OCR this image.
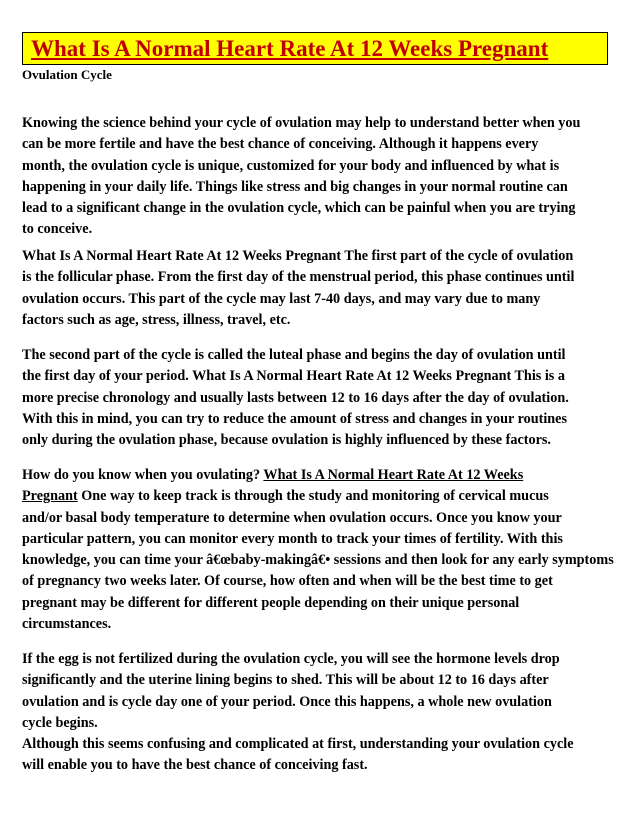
What Is A Normal Heart Rate At 12 Weeks Pregnant
Ovulation Cycle

Knowing the science behind your cycle of ovulation may help to understand better when you
can be more fertile and have the best chance of conceiving. Although it happens every
month, the ovulation cycle is unique, customized for your body and influenced by what is
happening in your daily life. Things like stress and big changes in your normal routine can
lead to a significant change in the ovulation cycle, which can be painful when you are trying
to conceive.

What Is A Normal Heart Rate At 12 Weeks Pregnant The first part of the cycle of ovulation
is the follicular phase. From the first day of the menstrual period, this phase continues until
ovulation occurs. This part of the cycle may last 7-40 days, and may vary due to many
factors such as age, stress, illness, travel, etc.

The second part of the cycle is called the luteal phase and begins the day of ovulation until
the first day of your period. What Is A Normal Heart Rate At 12 Weeks Pregnant This is a
more precise chronology and usually lasts between 12 to 16 days after the day of ovulation.
With this in mind, you can try to reduce the amount of stress and changes in your routines
only during the ovulation phase, because ovulation is highly influenced by these factors.

How do you know when you ovulating? What Is A Normal Heart Rate At 12 Weeks
Pregnant One way to keep track is through the study and monitoring of cervical mucus
and/or basal body temperature to determine when ovulation occurs. Once you know your
particular pattern, you can monitor every month to track your times of fertility. With this
knowledge, you can time your â€œbaby-makingâ€• sessions and then look for any early symptoms
of pregnancy two weeks later. Of course, how often and when will be the best time to get
pregnant may be different for different people depending on their unique personal
circumstances.

If the egg is not fertilized during the ovulation cycle, you will see the hormone levels drop
significantly and the uterine lining begins to shed. This will be about 12 to 16 days after
ovulation and is cycle day one of your period. Once this happens, a whole new ovulation
cycle begins.
Although this seems confusing and complicated at first, understanding your ovulation cycle
will enable you to have the best chance of conceiving fast.
